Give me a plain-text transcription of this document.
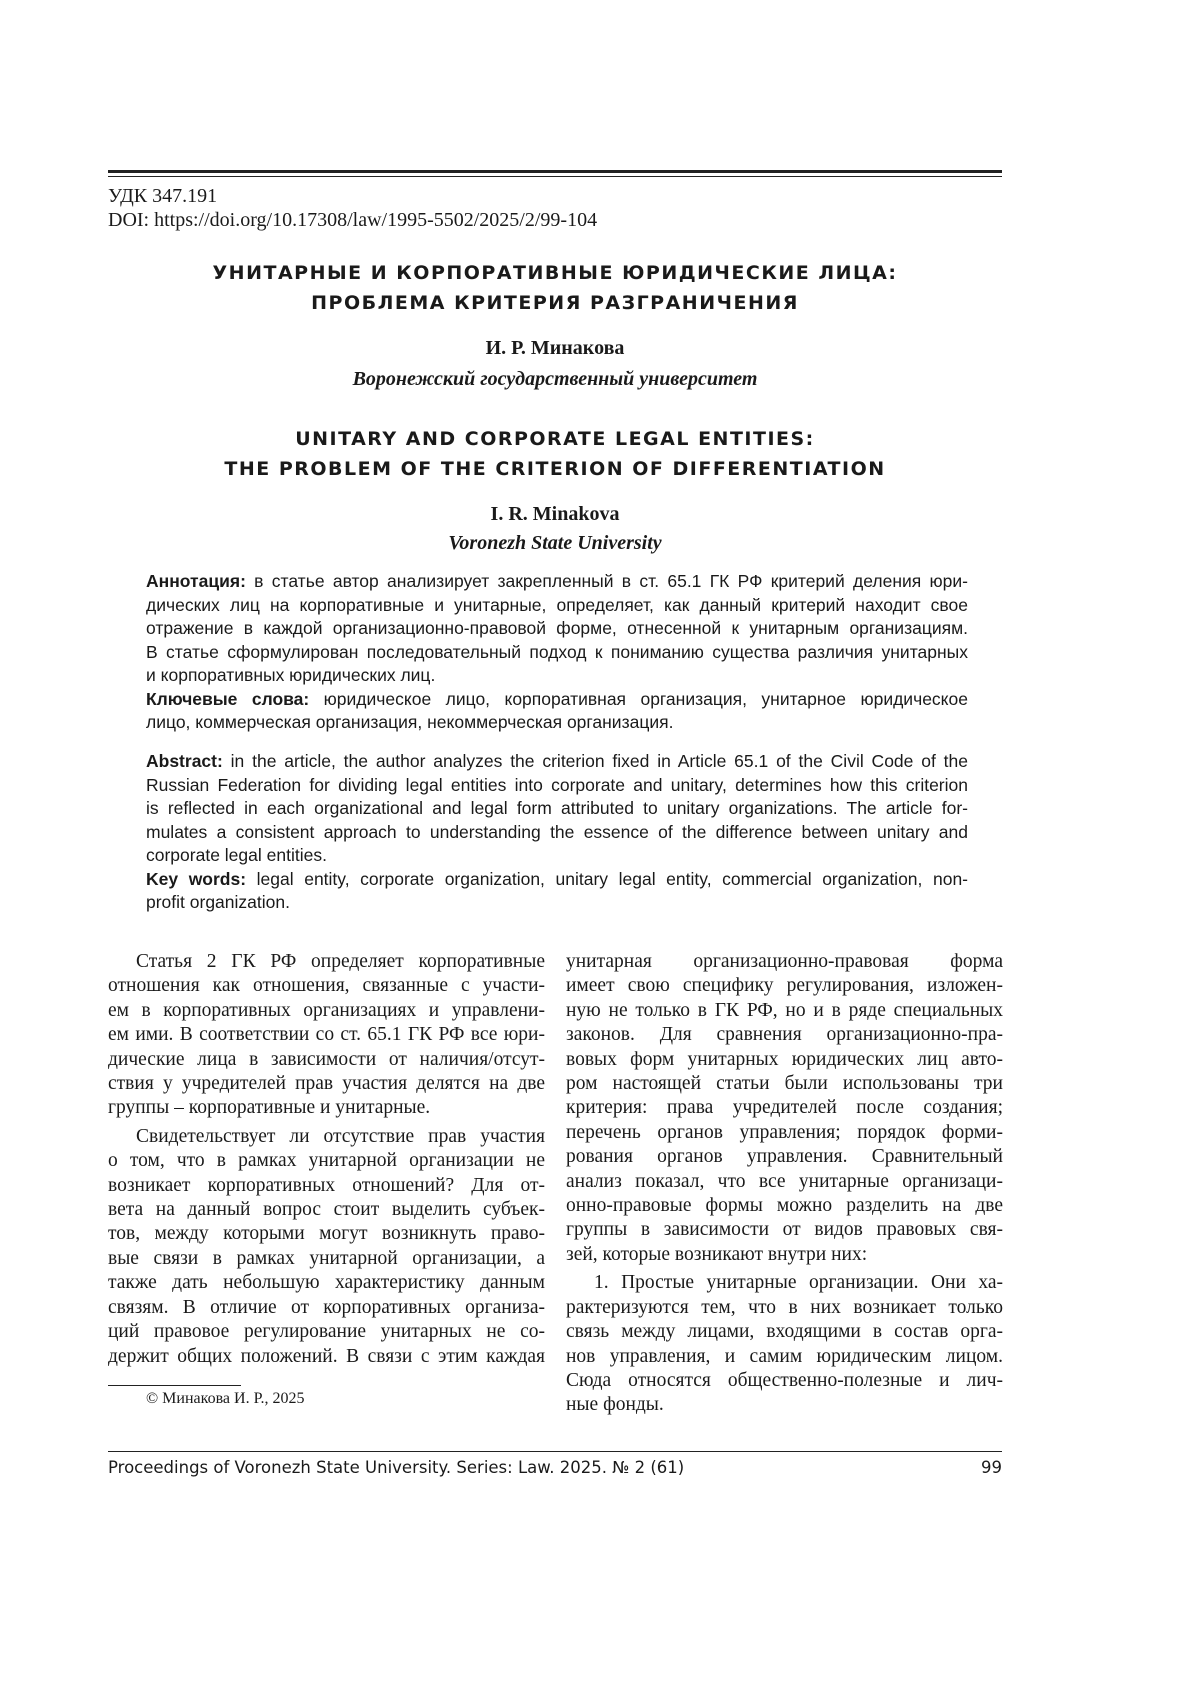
УДК 347.191
DOI: https://doi.org/10.17308/law/1995-5502/2025/2/99-104
УНИТАРНЫЕ И КОРПОРАТИВНЫЕ ЮРИДИЧЕСКИЕ ЛИЦА:
ПРОБЛЕМА КРИТЕРИЯ РАЗГРАНИЧЕНИЯ
И. Р. Минакова
Воронежский государственный университет
UNITARY AND CORPORATE LEGAL ENTITIES:
THE PROBLEM OF THE CRITERION OF DIFFERENTIATION
I. R. Minakova
Voronezh State University
Аннотация: в статье автор анализирует закрепленный в ст. 65.1 ГК РФ критерий деления юри-
дических лиц на корпоративные и унитарные, определяет, как данный критерий находит свое
отражение в каждой организационно-правовой форме, отнесенной к унитарным организациям.
В статье сформулирован последовательный подход к пониманию существа различия унитарных
и корпоративных юридических лиц.
Ключевые слова: юридическое лицо, корпоративная организация, унитарное юридическое
лицо, коммерческая организация, некоммерческая организация.
Abstract: in the article, the author analyzes the criterion fixed in Article 65.1 of the Civil Code of the
Russian Federation for dividing legal entities into corporate and unitary, determines how this criterion
is reflected in each organizational and legal form attributed to unitary organizations. The article for-
mulates a consistent approach to understanding the essence of the difference between unitary and
corporate legal entities.
Key words: legal entity, corporate organization, unitary legal entity, commercial organization, non-
profit organization.
Статья 2 ГК РФ определяет корпоративные
отношения как отношения, связанные с участи-
ем в корпоративных организациях и управлени-
ем ими. В соответствии со ст. 65.1 ГК РФ все юри-
дические лица в зависимости от наличия/отсут-
ствия у учредителей прав участия делятся на две
группы – корпоративные и унитарные.
Свидетельствует ли отсутствие прав участия
о том, что в рамках унитарной организации не
возникает корпоративных отношений? Для от-
вета на данный вопрос стоит выделить субъек-
тов, между которыми могут возникнуть право-
вые связи в рамках унитарной организации, а
также дать небольшую характеристику данным
связям. В отличие от корпоративных организа-
ций правовое регулирование унитарных не со-
держит общих положений. В связи с этим каждая
унитарная организационно-правовая форма
имеет свою специфику регулирования, изложен-
ную не только в ГК РФ, но и в ряде специальных
законов. Для сравнения организационно-пра-
вовых форм унитарных юридических лиц авто-
ром настоящей статьи были использованы три
критерия: права учредителей после создания;
перечень органов управления; порядок форми-
рования органов управления. Сравнительный
анализ показал, что все унитарные организаци-
онно-правовые формы можно разделить на две
группы в зависимости от видов правовых свя-
зей, которые возникают внутри них:
1. Простые унитарные организации. Они ха-
рактеризуются тем, что в них возникает только
связь между лицами, входящими в состав орга-
нов управления, и самим юридическим лицом.
Сюда относятся общественно-полезные и лич-
ные фонды.
© Минакова И. Р., 2025
Proceedings of Voronezh State University. Series: Law. 2025. № 2 (61)	99
